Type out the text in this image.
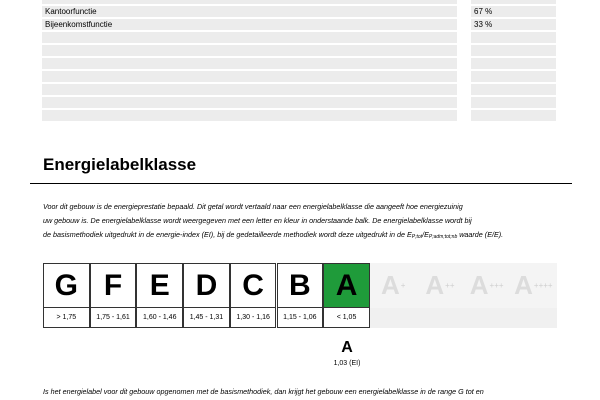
Kantoorfunctie	67 %
Bijeenkomstfunctie	33 %
Energielabelklasse
Voor dit gebouw is de energieprestatie bepaald. Dit getal wordt vertaald naar een energielabelklasse die aangeeft hoe energiezuinig
uw gebouw is. De energielabelklasse wordt weergegeven met een letter en kleur in onderstaande balk. De energielabelklasse wordt bij
de basismethodiek uitgedrukt in de energie-index (EI), bij de gedetailleerde methodiek wordt deze uitgedrukt in de $E_{P;tot}/E_{P;adm;tot;nb}$ waarde (E/E).
G
> 1,75
F
1,75 - 1,61
E
1,60 - 1,46
D
1,45 - 1,31
C
1,30 - 1,16
B
1,15 - 1,06
A
< 1,05
A + A ++ A +++ A ++++
A
1,03 (EI)
Is het energielabel voor dit gebouw opgenomen met de basismethodiek, dan krijgt het gebouw een energielabelklasse in de range G tot en
